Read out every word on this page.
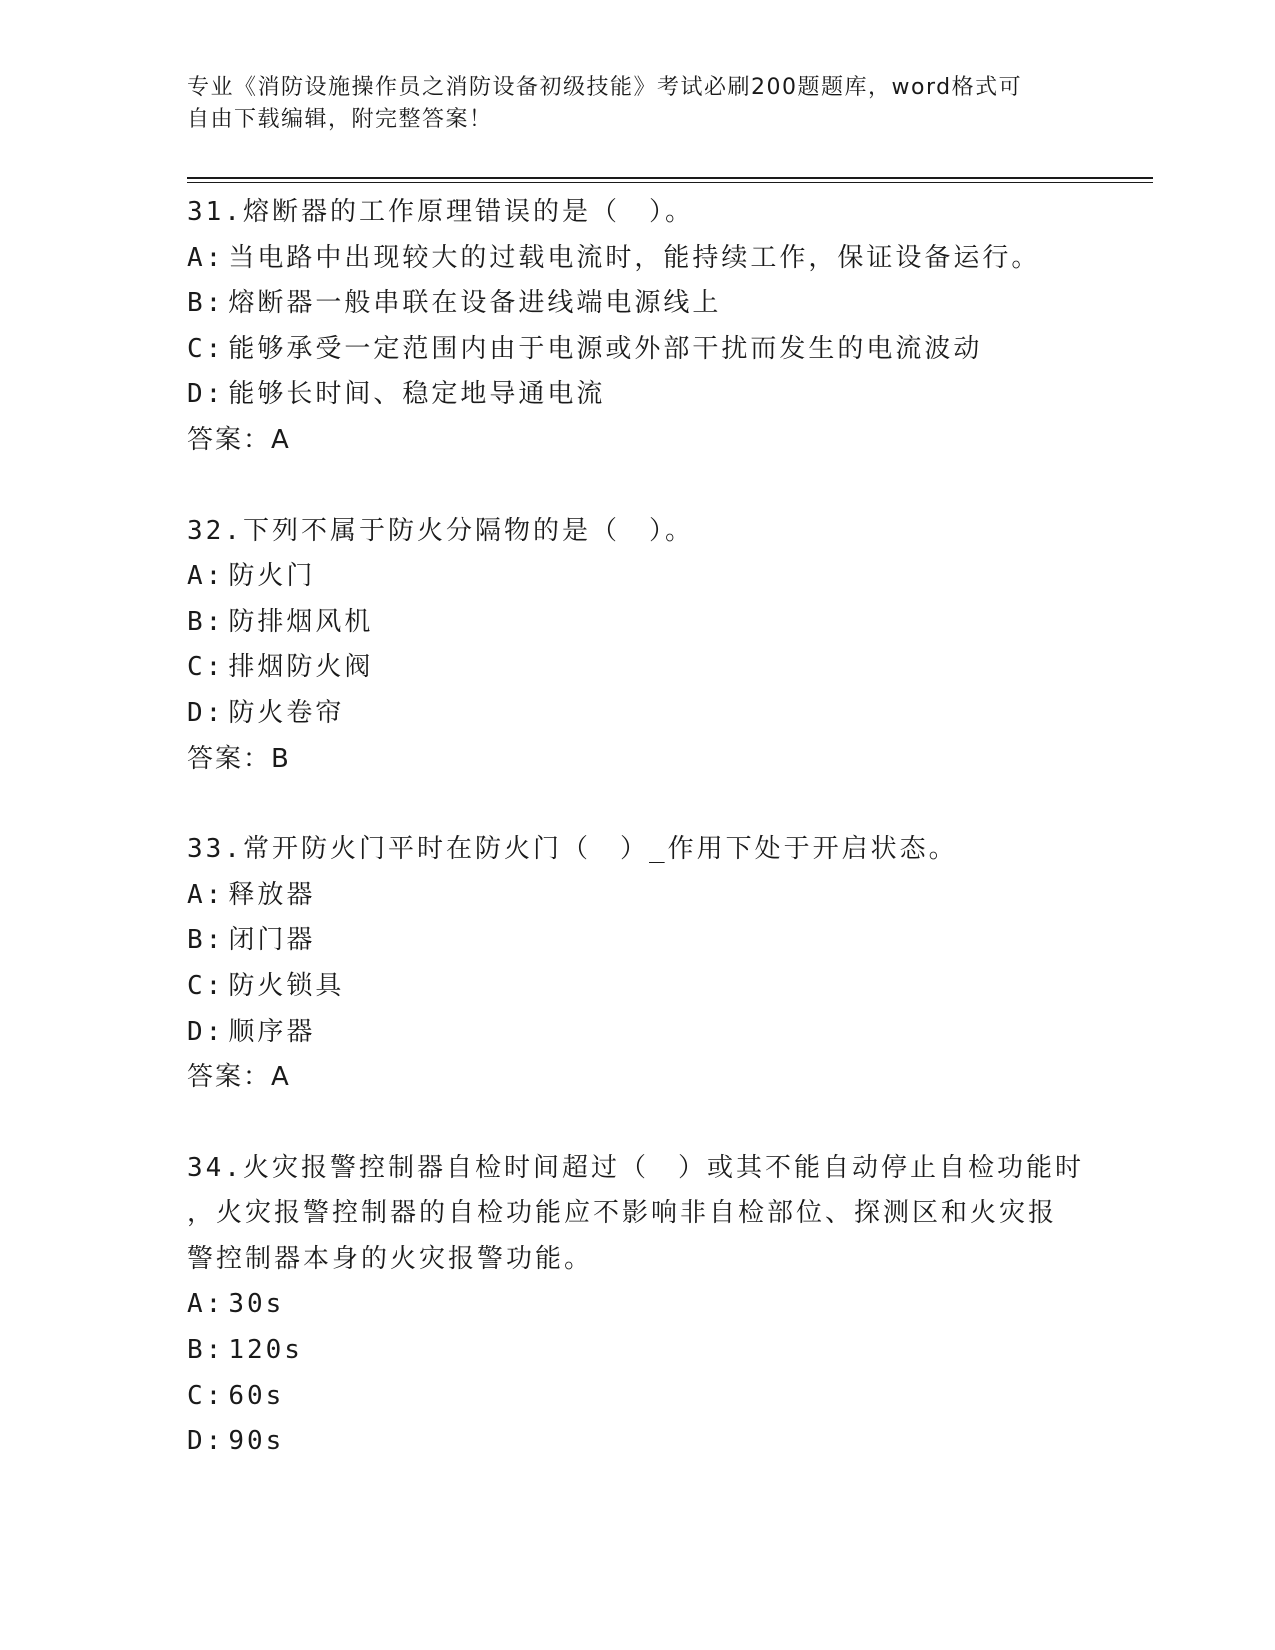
专业《消防设施操作员之消防设备初级技能》考试必刷200题题库，word格式可
自由下载编辑，附完整答案！
31.熔断器的工作原理错误的是（　）。
A: 当电路中出现较大的过载电流时，能持续工作，保证设备运行。
B: 熔断器一般串联在设备进线端电源线上
C: 能够承受一定范围内由于电源或外部干扰而发生的电流波动
D: 能够长时间、稳定地导通电流
答案：A
32.下列不属于防火分隔物的是（　）。
A: 防火门
B: 防排烟风机
C: 排烟防火阀
D: 防火卷帘
答案：B
33.常开防火门平时在防火门（　）_作用下处于开启状态。
A: 释放器
B: 闭门器
C: 防火锁具
D: 顺序器
答案：A
34.火灾报警控制器自检时间超过（　）或其不能自动停止自检功能时
，火灾报警控制器的自检功能应不影响非自检部位、探测区和火灾报
警控制器本身的火灾报警功能。
A: 30s
B: 120s
C: 60s
D: 90s
